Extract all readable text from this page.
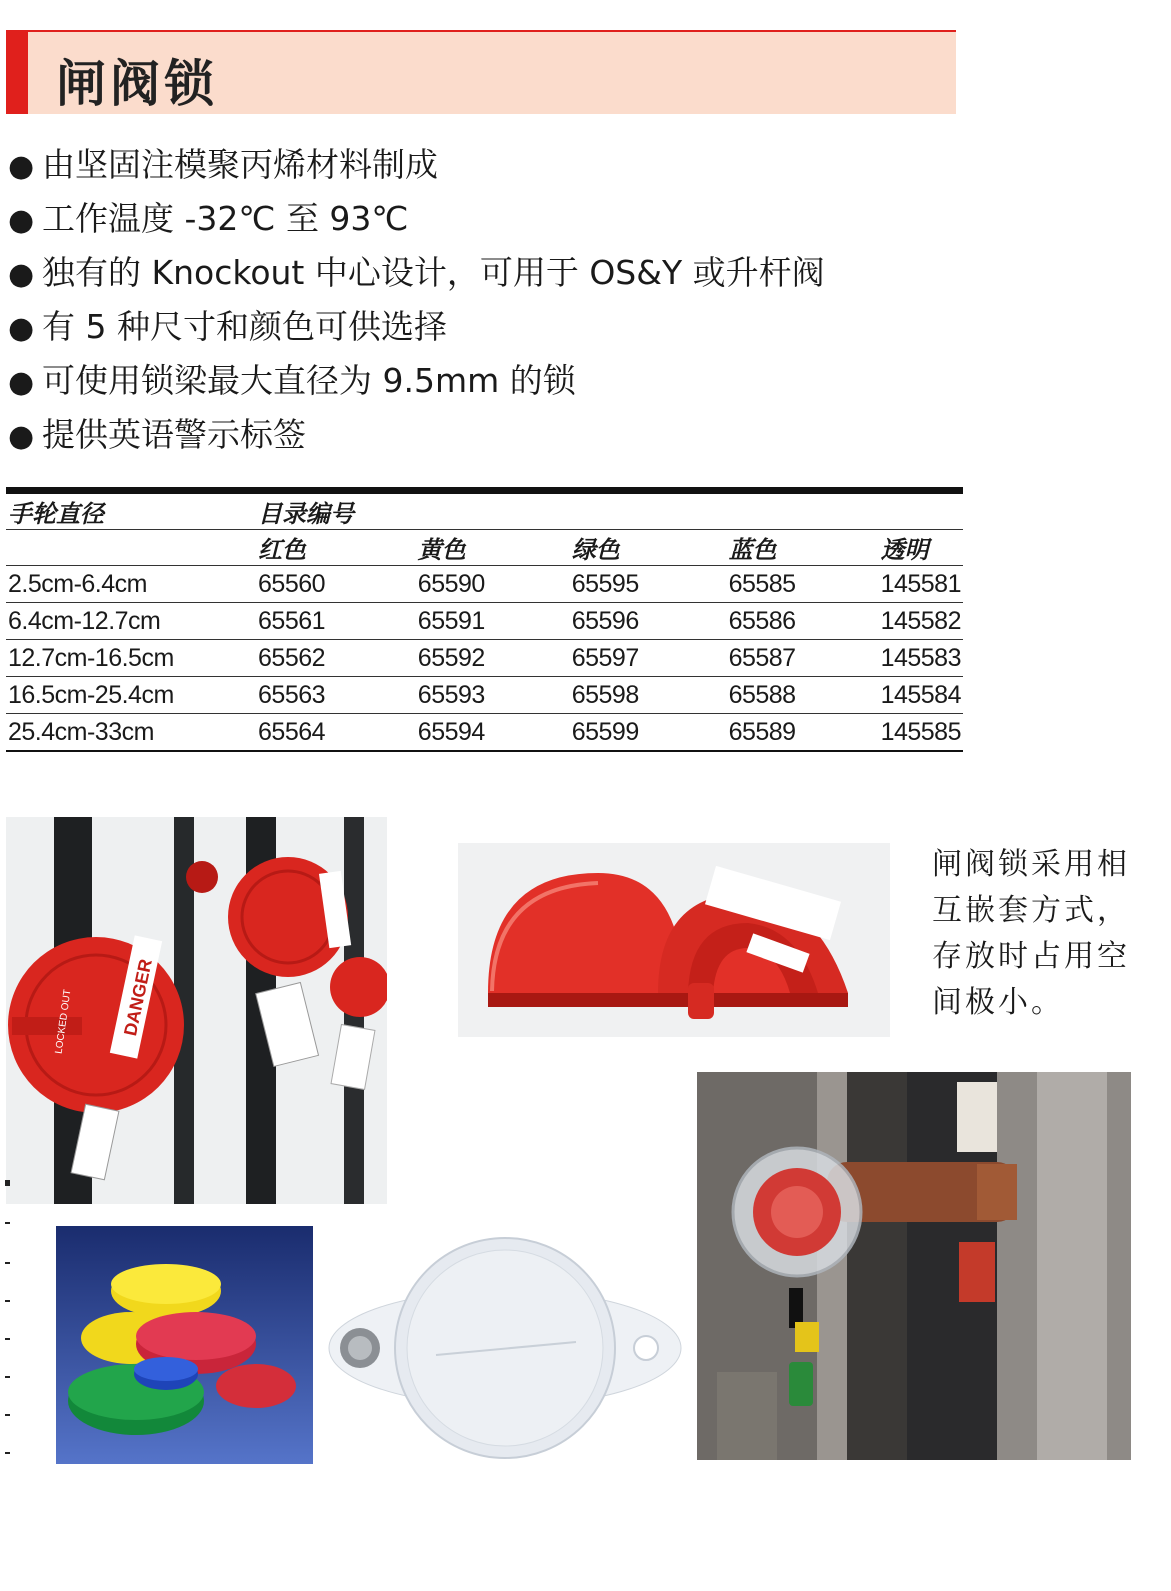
闸阀锁
● 由坚固注模聚丙烯材料制成
● 工作温度 -32℃ 至 93℃
● 独有的 Knockout 中心设计，可用于 OS&Y 或升杆阀
● 有 5 种尺寸和颜色可供选择
● 可使用锁梁最大直径为 9.5mm 的锁
● 提供英语警示标签
手轮直径	目录编号				
	红色	黄色	绿色	蓝色	透明
2.5cm-6.4cm	65560	65590	65595	65585	145581
6.4cm-12.7cm	65561	65591	65596	65586	145582
12.7cm-16.5cm	65562	65592	65597	65587	145583
16.5cm-25.4cm	65563	65593	65598	65588	145584
25.4cm-33cm	65564	65594	65599	65589	145585
DANGER
LOCKED OUT
闸阀锁采用相互嵌套方式，存放时占用空间极小。
